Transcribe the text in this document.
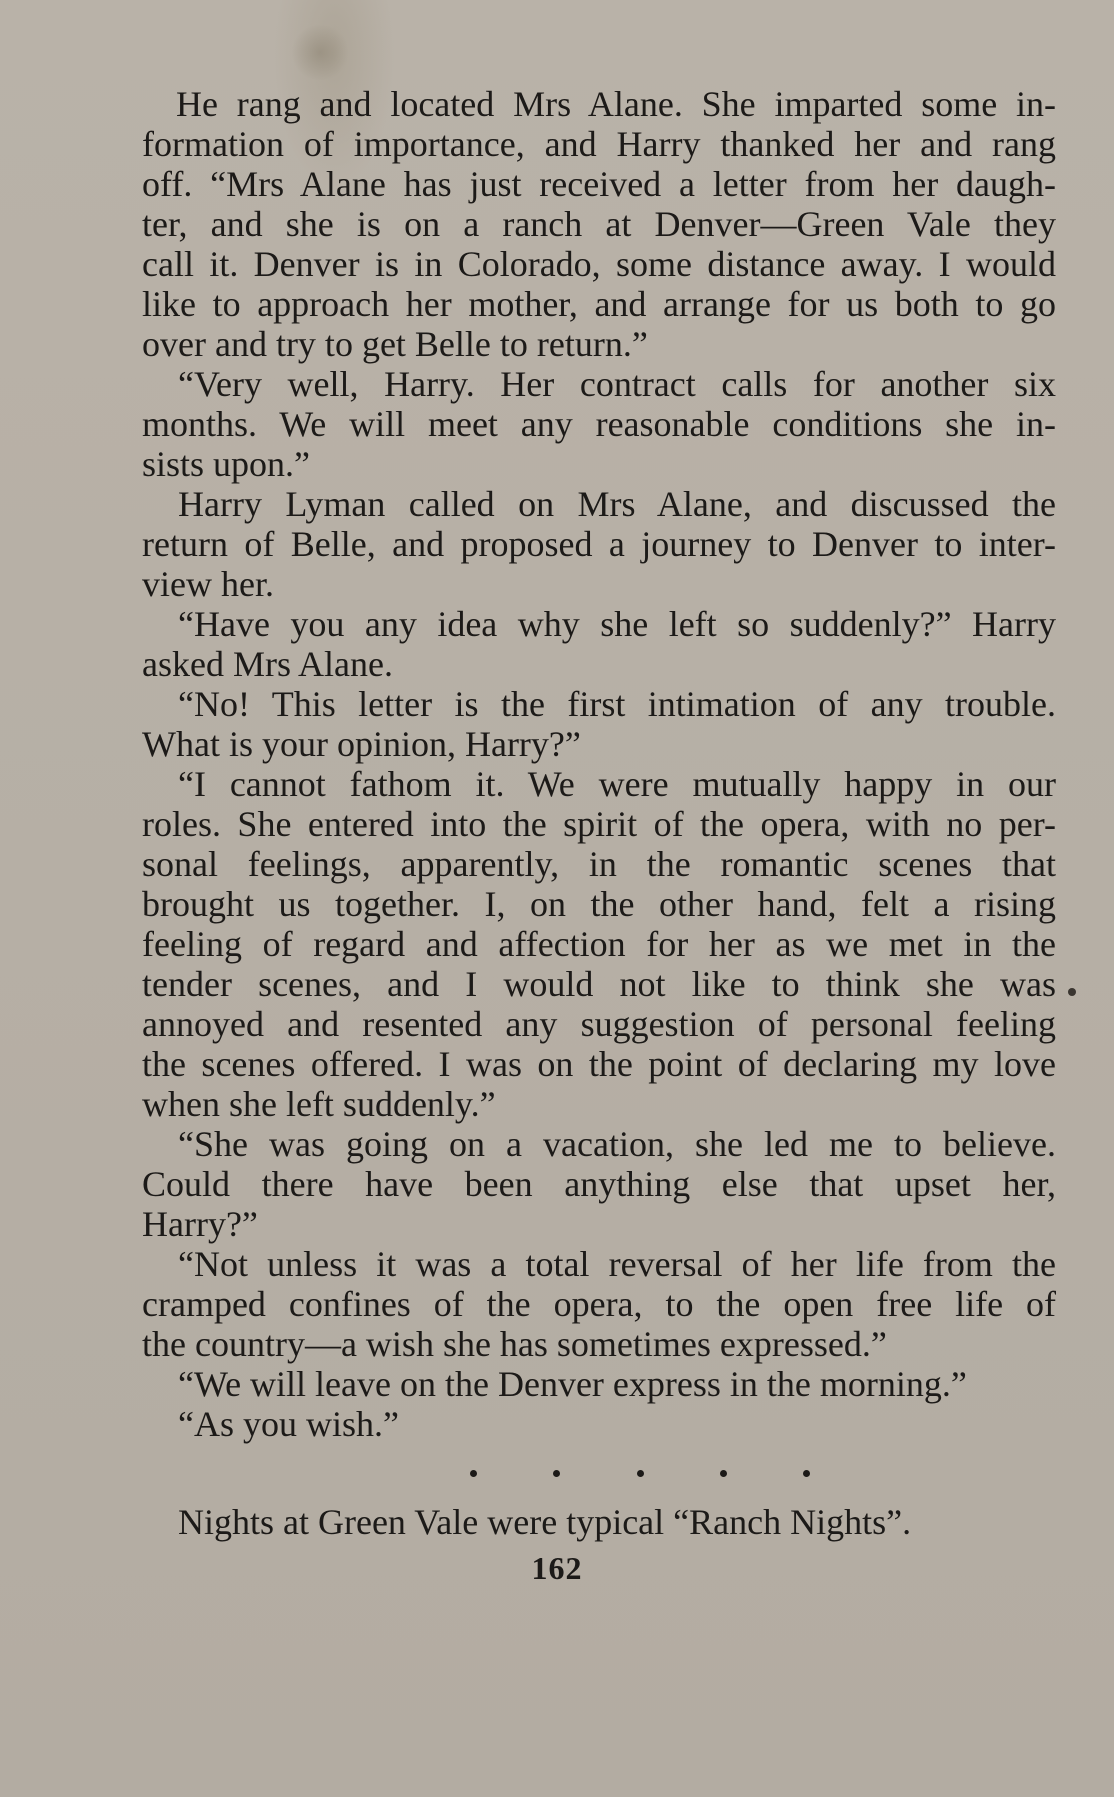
He rang and located Mrs Alane. She imparted some in-
formation of importance, and Harry thanked her and rang
off. “Mrs Alane has just received a letter from her daugh-
ter, and she is on a ranch at Denver—Green Vale they
call it. Denver is in Colorado, some distance away. I would
like to approach her mother, and arrange for us both to go
over and try to get Belle to return.”
“Very well, Harry. Her contract calls for another six
months. We will meet any reasonable conditions she in-
sists upon.”
Harry Lyman called on Mrs Alane, and discussed the
return of Belle, and proposed a journey to Denver to inter-
view her.
“Have you any idea why she left so suddenly?” Harry
asked Mrs Alane.
“No! This letter is the first intimation of any trouble.
What is your opinion, Harry?”
“I cannot fathom it. We were mutually happy in our
roles. She entered into the spirit of the opera, with no per-
sonal feelings, apparently, in the romantic scenes that
brought us together. I, on the other hand, felt a rising
feeling of regard and affection for her as we met in the
tender scenes, and I would not like to think she was
annoyed and resented any suggestion of personal feeling
the scenes offered. I was on the point of declaring my love
when she left suddenly.”
“She was going on a vacation, she led me to believe.
Could there have been anything else that upset her,
Harry?”
“Not unless it was a total reversal of her life from the
cramped confines of the opera, to the open free life of
the country—a wish she has sometimes expressed.”
“We will leave on the Denver express in the morning.”
“As you wish.”
Nights at Green Vale were typical “Ranch Nights”.
162
